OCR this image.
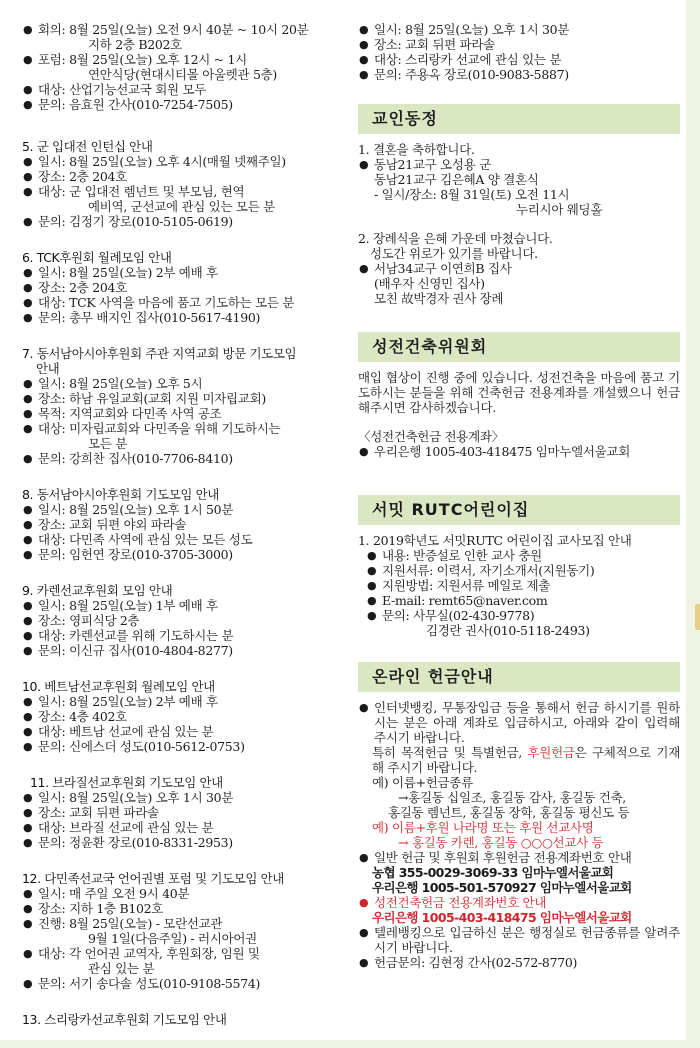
● 회의: 8월 25일(오늘) 오전 9시 40분 ~ 10시 20분
지하 2층 B202호
● 포럼: 8월 25일(오늘) 오후 12시 ~ 1시
연안식당(현대시티몰 아울렛관 5층)
● 대상: 산업기능선교국 회원 모두
● 문의: 음효원 간사(010-7254-7505)
5. 군 입대전 인턴십 안내
● 일시: 8월 25일(오늘) 오후 4시(매월 넷째주일)
● 장소: 2층 204호
● 대상: 군 입대전 렘넌트 및 부모님, 현역
예비역, 군선교에 관심 있는 모든 분
● 문의: 김정기 장로(010-5105-0619)
6. TCK후원회 월례모임 안내
● 일시: 8월 25일(오늘) 2부 예배 후
● 장소: 2층 204호
● 대상: TCK 사역을 마음에 품고 기도하는 모든 분
● 문의: 총무 배지인 집사(010-5617-4190)
7. 동서남아시아후원회 주관 지역교회 방문 기도모임
안내
● 일시: 8월 25일(오늘) 오후 5시
● 장소: 하남 유일교회(교회 지원 미자립교회)
● 목적: 지역교회와 다민족 사역 공조
● 대상: 미자립교회와 다민족을 위해 기도하시는
모든 분
● 문의: 강희찬 집사(010-7706-8410)
8. 동서남아시아후원회 기도모임 안내
● 일시: 8월 25일(오늘) 오후 1시 50분
● 장소: 교회 뒤편 야외 파라솔
● 대상: 다민족 사역에 관심 있는 모든 성도
● 문의: 임헌연 장로(010-3705-3000)
9. 카렌선교후원회 모임 안내
● 일시: 8월 25일(오늘) 1부 예배 후
● 장소: 영피식당 2층
● 대상: 카렌선교를 위해 기도하시는 분
● 문의: 이신규 집사(010-4804-8277)
10. 베트남선교후원회 월례모임 안내
● 일시: 8월 25일(오늘) 2부 예배 후
● 장소: 4층 402호
● 대상: 베트남 선교에 관심 있는 분
● 문의: 신에스더 성도(010-5612-0753)
11. 브라질선교후원회 기도모임 안내
● 일시: 8월 25일(오늘) 오후 1시 30분
● 장소: 교회 뒤편 파라솔
● 대상: 브라질 선교에 관심 있는 분
● 문의: 정윤환 장로(010-8331-2953)
12. 다민족선교국 언어권별 포럼 및 기도모임 안내
● 일시: 매 주일 오전 9시 40분
● 장소: 지하 1층 B102호
● 진행: 8월 25일(오늘) - 모란선교관
9월 1일(다음주일) - 러시아어권
● 대상: 각 언어권 교역자, 후원회장, 임원 및
관심 있는 분
● 문의: 서기 송다솔 성도(010-9108-5574)
13. 스리랑카선교후원회 기도모임 안내
● 일시: 8월 25일(오늘) 오후 1시 30분
● 장소: 교회 뒤편 파라솔
● 대상: 스리랑카 선교에 관심 있는 분
● 문의: 주용옥 장로(010-9083-5887)
교인동정
1. 결혼을 축하합니다.
● 동남21교구 오성용 군
동남21교구 김은혜A 양 결혼식
- 일시/장소: 8월 31일(토) 오전 11시
누리시아 웨딩홀
2. 장례식을 은혜 가운데 마쳤습니다.
성도간 위로가 있기를 바랍니다.
● 서남34교구 이연희B 집사
(배우자 신영민 집사)
모친 故박경자 권사 장례
성전건축위원회
매입 협상이 진행 중에 있습니다. 성전건축을 마음에 품고 기도하시는 분들을 위해 건축헌금 전용계좌를 개설했으니 헌금해주시면 감사하겠습니다.
〈성전건축헌금 전용계좌〉
● 우리은행 1005-403-418475 임마누엘서울교회
서밋 RUTC어린이집
1. 2019학년도 서밋RUTC 어린이집 교사모집 안내
● 내용: 반증설로 인한 교사 충원
● 지원서류: 이력서, 자기소개서(지원동기)
● 지원방법: 지원서류 메일로 제출
● E-mail: remt65@naver.com
● 문의: 사무실(02-430-9778)
김경란 권사(010-5118-2493)
온라인 헌금안내
● 인터넷뱅킹, 무통장입금 등을 통해서 헌금 하시기를 원하시는 분은 아래 계좌로 입금하시고, 아래와 같이 입력해 주시기 바랍니다.
특히 목적헌금 및 특별헌금, 후원헌금은 구체적으로 기재해 주시기 바랍니다.
예) 이름+헌금종류
→홍길동 십일조, 홍길동 감사, 홍길동 건축,
홍길동 렘넌트, 홍길동 장학, 홍길동 평신도 등
예) 이름+후원 나라명 또는 후원 선교사명
→ 홍길동 카렌, 홍길동 ○○○선교사 등
● 일반 헌금 및 후원회 후원헌금 전용계좌번호 안내
농협 355-0029-3069-33 임마누엘서울교회
우리은행 1005-501-570927 임마누엘서울교회
● 성전건축헌금 전용계좌번호 안내
우리은행 1005-403-418475 임마누엘서울교회
● 텔레뱅킹으로 입금하신 분은 행정실로 헌금종류를 알려주시기 바랍니다.
● 헌금문의: 김현정 간사(02-572-8770)
